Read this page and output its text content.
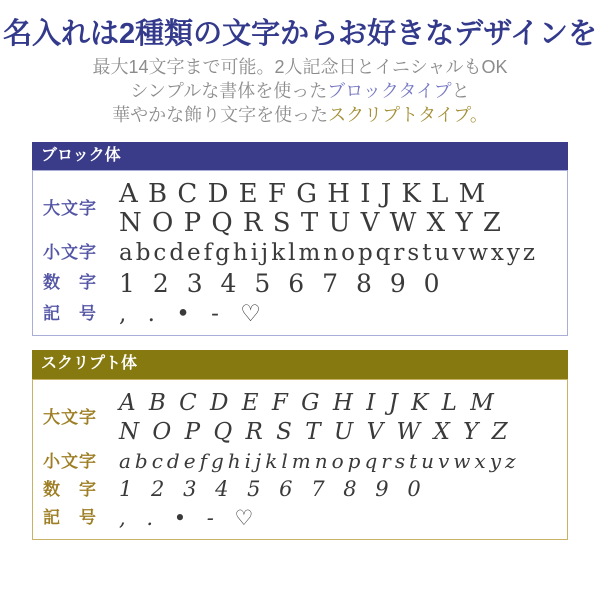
名入れは2種類の文字からお好きなデザインを
最大14文字まで可能。2人記念日とイニシャルもOK
シンプルな書体を使ったブロックタイプと
華やかな飾り文字を使ったスクリプトタイプ。
ブロック体
大文字 A B C D E F G H I J K L M
N O P Q R S T U V W X Y Z
小文字 abcdefghijklmnopqrstuvwxyz
数　字 1 2 3 4 5 6 7 8 9 0
記　号 , . • - ♡
スクリプト体
大文字
A B C D E F G H I J K L M
N O P Q R S T U V W X Y Z
小文字	abcdefghijklmnopqrstuvwxyz
数　字	1 2 3 4 5 6 7 8 9 0
記　号	, . • - ♡
